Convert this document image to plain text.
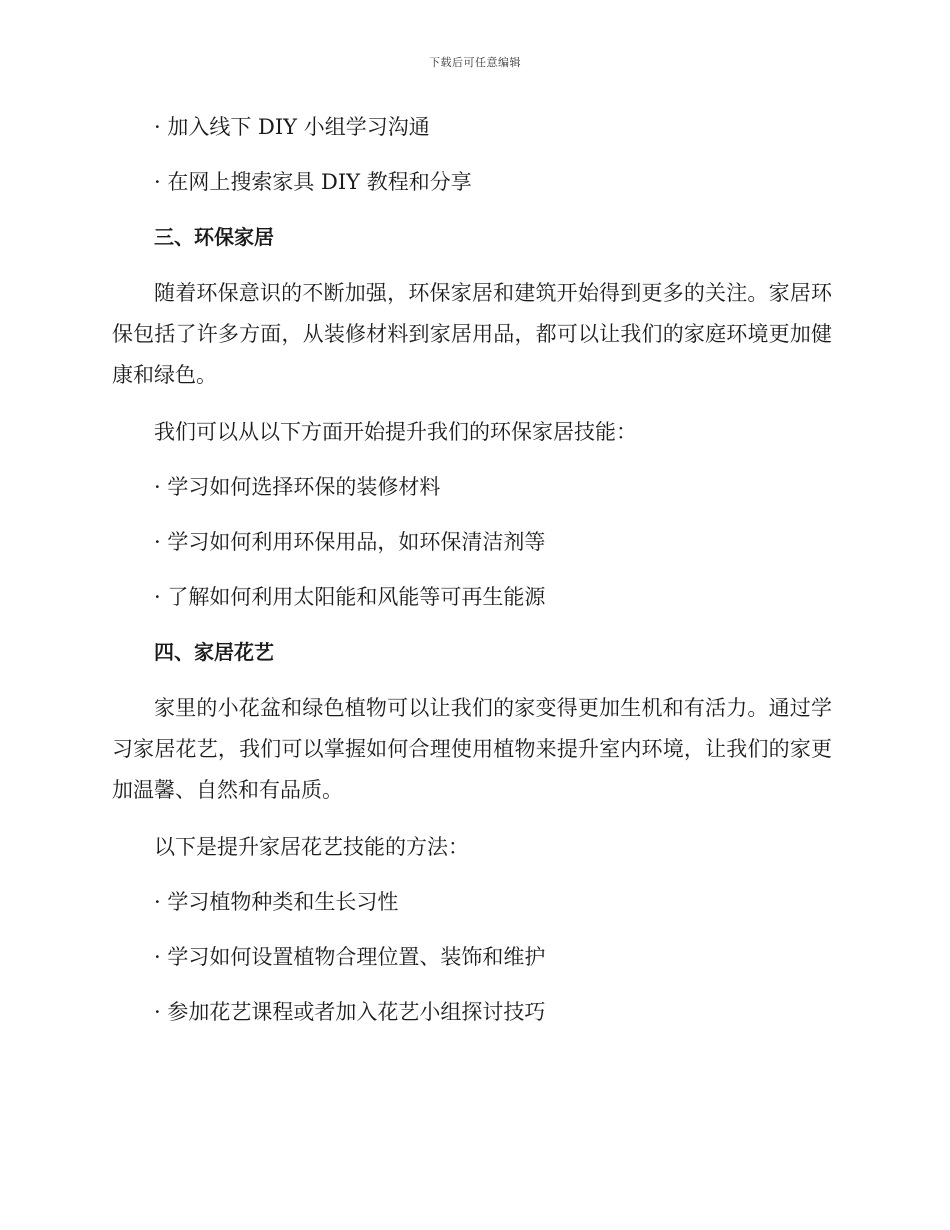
下载后可任意编辑
· 加入线下 DIY 小组学习沟通
· 在网上搜索家具 DIY 教程和分享
三、环保家居

随着环保意识的不断加强，环保家居和建筑开始得到更多的关注。家居环保包括了许多方面，从装修材料到家居用品，都可以让我们的家庭环境更加健康和绿色。

我们可以从以下方面开始提升我们的环保家居技能：
· 学习如何选择环保的装修材料
· 学习如何利用环保用品，如环保清洁剂等
· 了解如何利用太阳能和风能等可再生能源
四、家居花艺

家里的小花盆和绿色植物可以让我们的家变得更加生机和有活力。通过学习家居花艺，我们可以掌握如何合理使用植物来提升室内环境，让我们的家更加温馨、自然和有品质。

以下是提升家居花艺技能的方法：
· 学习植物种类和生长习性
· 学习如何设置植物合理位置、装饰和维护
· 参加花艺课程或者加入花艺小组探讨技巧
